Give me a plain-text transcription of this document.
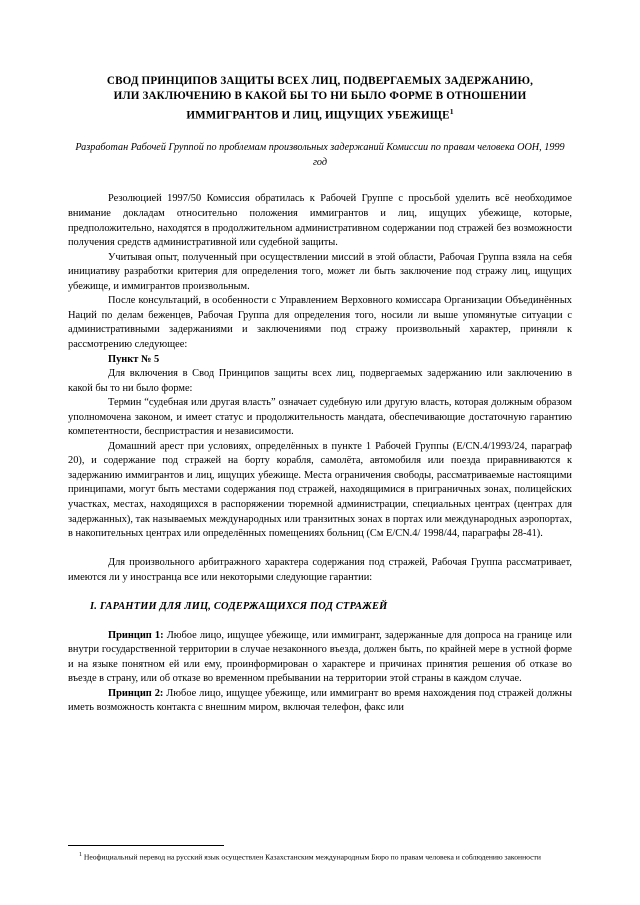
СВОД ПРИНЦИПОВ ЗАЩИТЫ ВСЕХ ЛИЦ, ПОДВЕРГАЕМЫХ ЗАДЕРЖАНИЮ,
ИЛИ ЗАКЛЮЧЕНИЮ В КАКОЙ БЫ ТО НИ БЫЛО ФОРМЕ В ОТНОШЕНИИ
ИММИГРАНТОВ И ЛИЦ, ИЩУЩИХ УБЕЖИЩЕ$^1$

Разработан Рабочей Группой по проблемам произвольных задержаний Комиссии по правам человека ООН, 1999 год

Резолюцией 1997/50 Комиссия обратилась к Рабочей Группе с просьбой уделить всё необходимое внимание докладам относительно положения иммигрантов и лиц, ищущих убежище, которые, предположительно, находятся в продолжительном административном содержании под стражей без возможности получения средств административной или судебной защиты.

Учитывая опыт, полученный при осуществлении миссий в этой области, Рабочая Группа взяла на себя инициативу разработки критерия для определения того, может ли быть заключение под стражу лиц, ищущих убежище, и иммигрантов произвольным.

После консультаций, в особенности с Управлением Верховного комиссара Организации Объединённых Наций по делам беженцев, Рабочая Группа для определения того, носили ли выше упомянутые ситуации с административными задержаниями и заключениями под стражу произвольный характер, приняли к рассмотрению следующее:

Пункт № 5

Для включения в Свод Принципов защиты всех лиц, подвергаемых задержанию или заключению в какой бы то ни было форме:

Термин “судебная или другая власть” означает судебную или другую власть, которая должным образом уполномочена законом, и имеет статус и продолжительность мандата, обеспечивающие достаточную гарантию компетентности, беспристрастия и независимости.

Домашний арест при условиях, определённых в пункте 1 Рабочей Группы (E/CN.4/1993/24, параграф 20), и содержание под стражей на борту корабля, самолёта, автомобиля или поезда приравниваются к задержанию иммигрантов и лиц, ищущих убежище. Места ограничения свободы, рассматриваемые настоящими принципами, могут быть местами содержания под стражей, находящимися в приграничных зонах, полицейских участках, местах, находящихся в распоряжении тюремной администрации, специальных центрах (центрах для задержанных), так называемых международных или транзитных зонах в портах или международных аэропортах, в накопительных центрах или определённых помещениях больниц (См E/CN.4/ 1998/44, параграфы 28-41).

Для произвольного арбитражного характера содержания под стражей, Рабочая Группа рассматривает, имеются ли у иностранца все или некоторыми следующие гарантии:

I. ГАРАНТИИ ДЛЯ ЛИЦ, СОДЕРЖАЩИХСЯ ПОД СТРАЖЕЙ

Принцип 1: Любое лицо, ищущее убежище, или иммигрант, задержанные для допроса на границе или внутри государственной территории в случае незаконного въезда, должен быть, по крайней мере в устной форме и на языке понятном ей или ему, проинформирован о характере и причинах принятия решения об отказе во въезде в страну, или об отказе во временном пребывании на территории этой страны в каждом случае.

Принцип 2: Любое лицо, ищущее убежище, или иммигрант во время нахождения под стражей должны иметь возможность контакта с внешним миром, включая телефон, факс или

$^1$ Неофициальный перевод на русский язык осуществлен Казахстанским международным Бюро по правам человека и соблюдению законности
